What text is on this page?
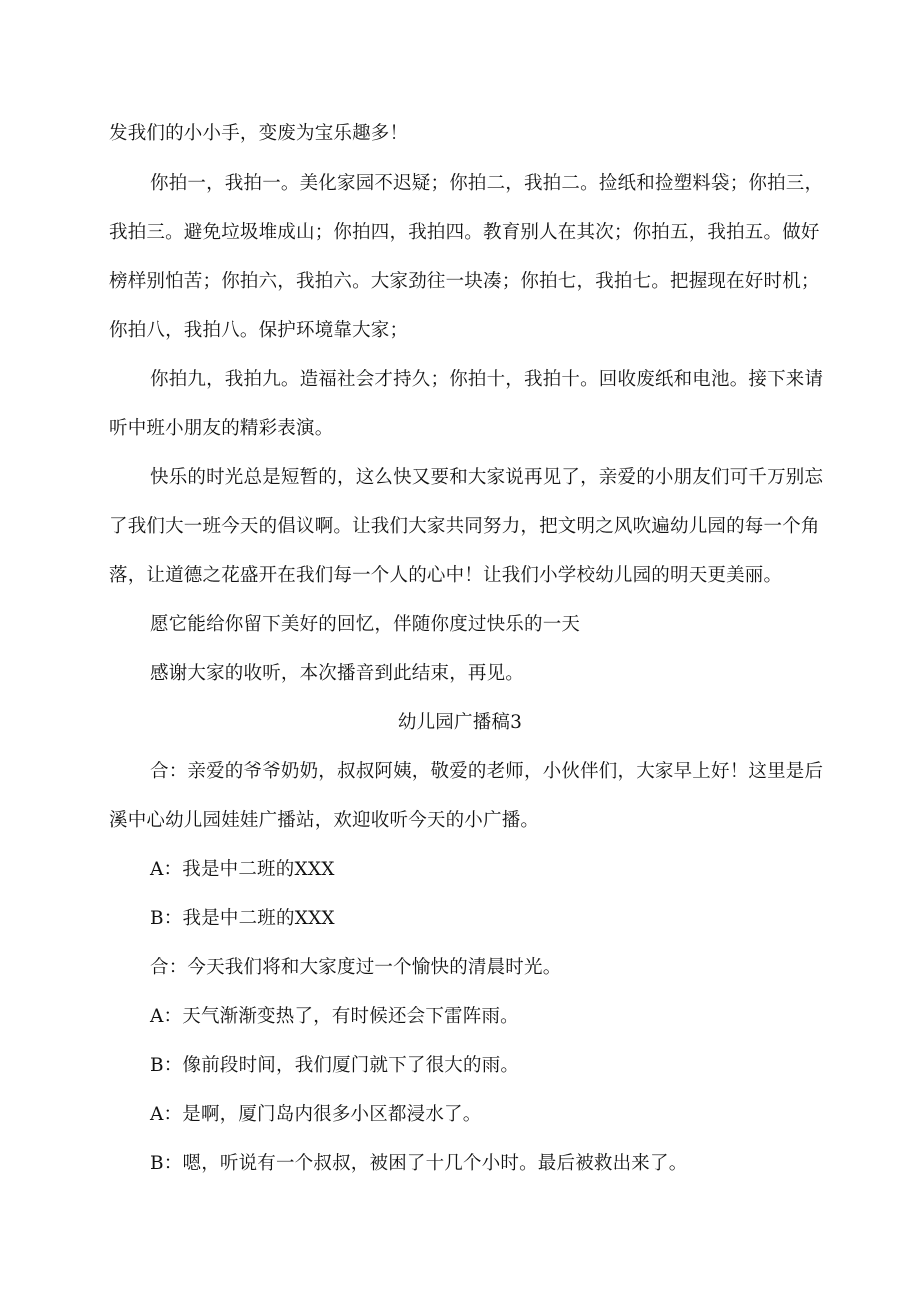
发我们的小小手，变废为宝乐趣多！
你拍一，我拍一。美化家园不迟疑；你拍二，我拍二。捡纸和捡塑料袋；你拍三，
我拍三。避免垃圾堆成山；你拍四，我拍四。教育别人在其次；你拍五，我拍五。做好
榜样别怕苦；你拍六，我拍六。大家劲往一块凑；你拍七，我拍七。把握现在好时机；
你拍八，我拍八。保护环境靠大家；
你拍九，我拍九。造福社会才持久；你拍十，我拍十。回收废纸和电池。接下来请
听中班小朋友的精彩表演。
快乐的时光总是短暂的，这么快又要和大家说再见了，亲爱的小朋友们可千万别忘
了我们大一班今天的倡议啊。让我们大家共同努力，把文明之风吹遍幼儿园的每一个角
落，让道德之花盛开在我们每一个人的心中！让我们小学校幼儿园的明天更美丽。
愿它能给你留下美好的回忆，伴随你度过快乐的一天
感谢大家的收听，本次播音到此结束，再见。
幼儿园广播稿3
合：亲爱的爷爷奶奶，叔叔阿姨，敬爱的老师，小伙伴们，大家早上好！这里是后
溪中心幼儿园娃娃广播站，欢迎收听今天的小广播。
A：我是中二班的XXX
B：我是中二班的XXX
合：今天我们将和大家度过一个愉快的清晨时光。
A：天气渐渐变热了，有时候还会下雷阵雨。
B：像前段时间，我们厦门就下了很大的雨。
A：是啊，厦门岛内很多小区都浸水了。
B：嗯，听说有一个叔叔，被困了十几个小时。最后被救出来了。
